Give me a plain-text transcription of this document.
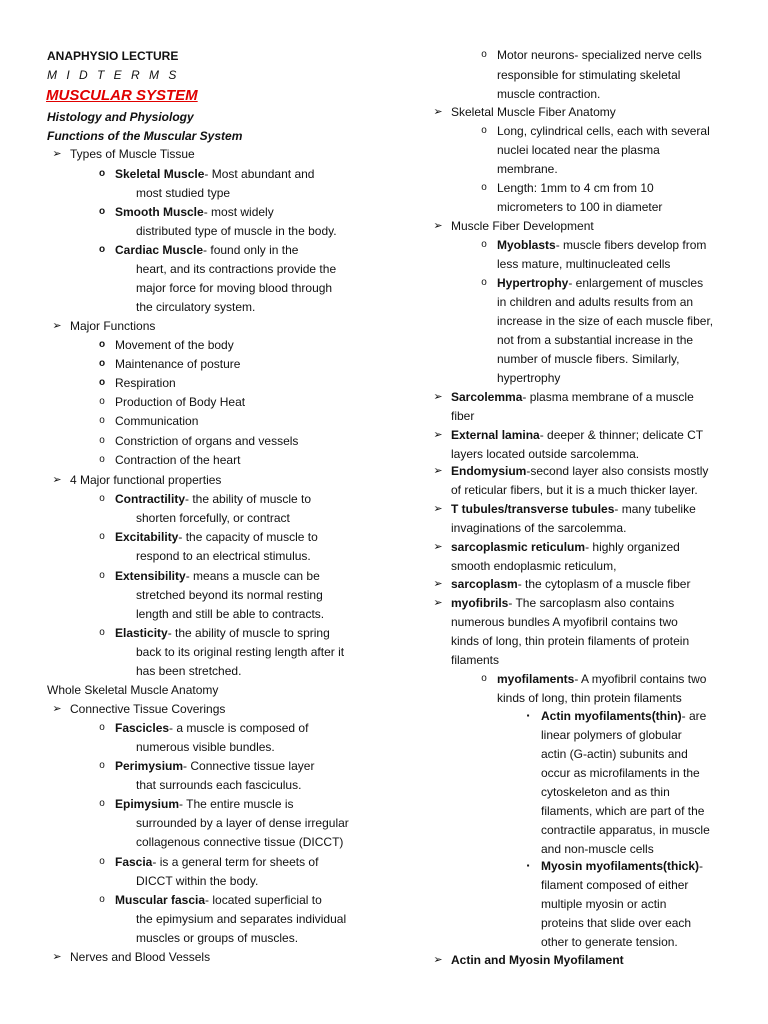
ANAPHYSIO LECTURE
M I D T E R M S
MUSCULAR SYSTEM
Histology and Physiology
Functions of the Muscular System
➢ Types of Muscle Tissue
o Skeletal Muscle- Most abundant and
most studied type
o Smooth Muscle- most widely
distributed type of muscle in the body.
o Cardiac Muscle- found only in the
heart, and its contractions provide the
major force for moving blood through
the circulatory system.
➢ Major Functions
o Movement of the body
o Maintenance of posture
o Respiration
o Production of Body Heat
o Communication
o Constriction of organs and vessels
o Contraction of the heart
➢ 4 Major functional properties
o Contractility- the ability of muscle to
shorten forcefully, or contract
o Excitability- the capacity of muscle to
respond to an electrical stimulus.
o Extensibility- means a muscle can be
stretched beyond its normal resting
length and still be able to contracts.
o Elasticity- the ability of muscle to spring
back to its original resting length after it
has been stretched.
Whole Skeletal Muscle Anatomy
➢ Connective Tissue Coverings
o Fascicles- a muscle is composed of
numerous visible bundles.
o Perimysium- Connective tissue layer
that surrounds each fasciculus.
o Epimysium- The entire muscle is
surrounded by a layer of dense irregular
collagenous connective tissue (DICCT)
o Fascia- is a general term for sheets of
DICCT within the body.
o Muscular fascia- located superficial to
the epimysium and separates individual
muscles or groups of muscles.
➢ Nerves and Blood Vessels
o Motor neurons- specialized nerve cells
responsible for stimulating skeletal
muscle contraction.
➢ Skeletal Muscle Fiber Anatomy
o Long, cylindrical cells, each with several
nuclei located near the plasma
membrane.
o Length: 1mm to 4 cm from 10
micrometers to 100 in diameter
➢ Muscle Fiber Development
o Myoblasts- muscle fibers develop from
less mature, multinucleated cells
o Hypertrophy- enlargement of muscles
in children and adults results from an
increase in the size of each muscle fiber,
not from a substantial increase in the
number of muscle fibers. Similarly,
hypertrophy
➢ Sarcolemma- plasma membrane of a muscle
fiber
➢ External lamina- deeper & thinner; delicate CT
layers located outside sarcolemma.
➢ Endomysium-second layer also consists mostly
of reticular fibers, but it is a much thicker layer.
➢ T tubules/transverse tubules- many tubelike
invaginations of the sarcolemma.
➢ sarcoplasmic reticulum- highly organized
smooth endoplasmic reticulum,
➢ sarcoplasm- the cytoplasm of a muscle fiber
➢ myofibrils- The sarcoplasm also contains
numerous bundles A myofibril contains two
kinds of long, thin protein filaments of protein
filaments
o myofilaments- A myofibril contains two
kinds of long, thin protein filaments
▪ Actin myofilaments(thin)- are
linear polymers of globular
actin (G-actin) subunits and
occur as microfilaments in the
cytoskeleton and as thin
filaments, which are part of the
contractile apparatus, in muscle
and non-muscle cells
▪ Myosin myofilaments(thick)-
filament composed of either
multiple myosin or actin
proteins that slide over each
other to generate tension.
➢ Actin and Myosin Myofilament
